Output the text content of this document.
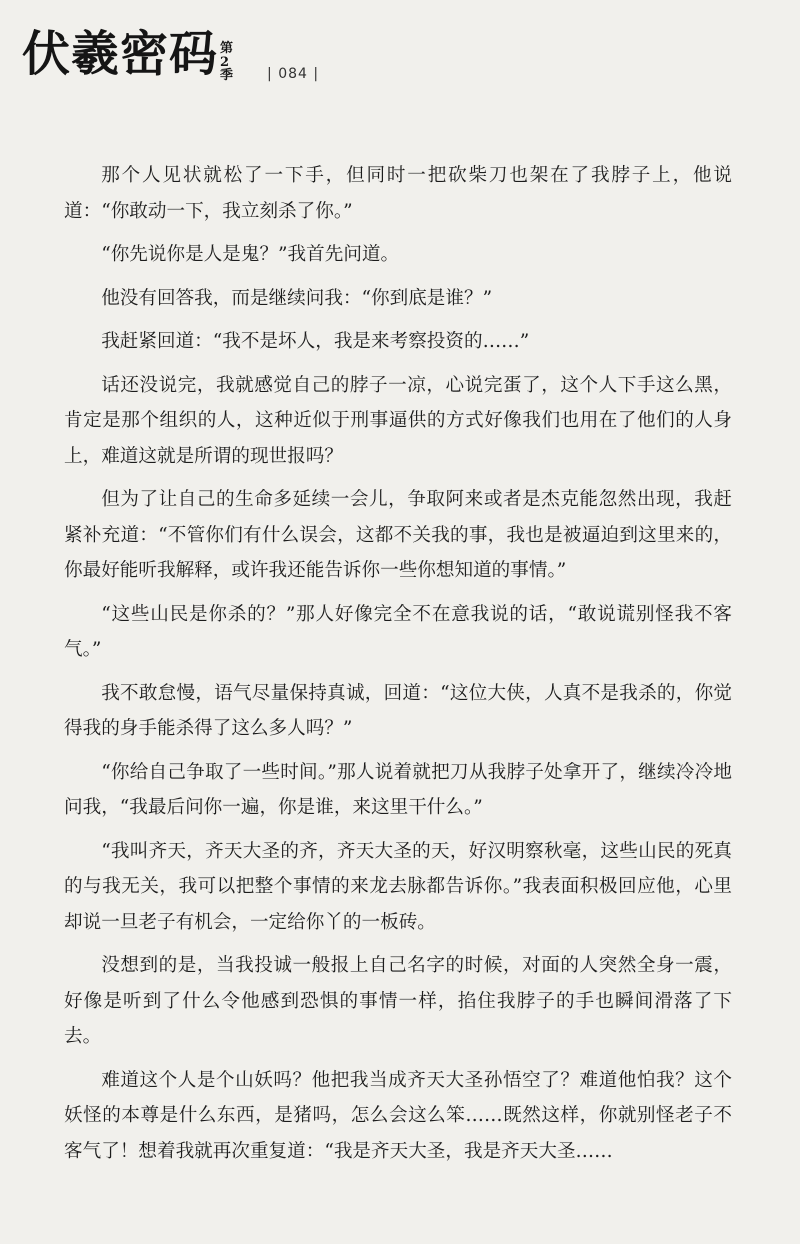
伏羲密码 第
2
季 | 084 |

那个人见状就松了一下手，但同时一把砍柴刀也架在了我脖子上，他说道：“你敢动一下，我立刻杀了你。”

“你先说你是人是鬼？”我首先问道。

他没有回答我，而是继续问我：“你到底是谁？”

我赶紧回道：“我不是坏人，我是来考察投资的……”

话还没说完，我就感觉自己的脖子一凉，心说完蛋了，这个人下手这么黑，肯定是那个组织的人，这种近似于刑事逼供的方式好像我们也用在了他们的人身上，难道这就是所谓的现世报吗？

但为了让自己的生命多延续一会儿，争取阿来或者是杰克能忽然出现，我赶紧补充道：“不管你们有什么误会，这都不关我的事，我也是被逼迫到这里来的，你最好能听我解释，或许我还能告诉你一些你想知道的事情。”

“这些山民是你杀的？”那人好像完全不在意我说的话，“敢说谎别怪我不客气。”

我不敢怠慢，语气尽量保持真诚，回道：“这位大侠，人真不是我杀的，你觉得我的身手能杀得了这么多人吗？”

“你给自己争取了一些时间。”那人说着就把刀从我脖子处拿开了，继续冷冷地问我，“我最后问你一遍，你是谁，来这里干什么。”

“我叫齐天，齐天大圣的齐，齐天大圣的天，好汉明察秋毫，这些山民的死真的与我无关，我可以把整个事情的来龙去脉都告诉你。”我表面积极回应他，心里却说一旦老子有机会，一定给你丫的一板砖。

没想到的是，当我投诚一般报上自己名字的时候，对面的人突然全身一震，好像是听到了什么令他感到恐惧的事情一样，掐住我脖子的手也瞬间滑落了下去。

难道这个人是个山妖吗？他把我当成齐天大圣孙悟空了？难道他怕我？这个妖怪的本尊是什么东西，是猪吗，怎么会这么笨……既然这样，你就别怪老子不客气了！想着我就再次重复道：“我是齐天大圣，我是齐天大圣……
